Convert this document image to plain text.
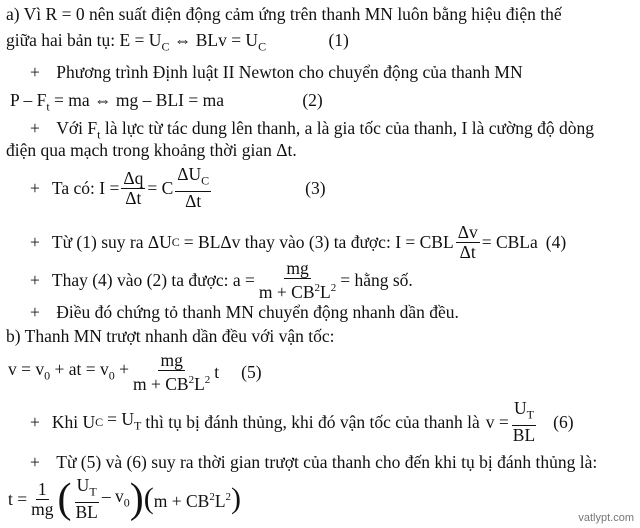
a) Vì R = 0 nên suất điện động cảm ứng trên thanh MN luôn bằng hiệu điện thế
giữa hai bản tụ: $E = U_C$ ⇔ BLv = $U_C$	(1)
+ Phương trình Định luật II Newton cho chuyển động của thanh MN
P – $F_t$ = ma ⇔ mg – BLI = ma	(2)
+ Với $F_t$ là lực từ tác dung lên thanh, a là gia tốc của thanh, I là cường độ dòng
điện qua mạch trong khoảng thời gian Δt.
+ Ta có: $I = \frac{\Delta q}{\Delta t} = C$
$\Delta U_C$
Δt
(3)
+ Từ (1) suy ra ΔU C = BLΔv thay vào (3) ta được: I = CBL $\frac{\Delta v}{\Delta t}$ = CBLa (4)
+ Thay (4) vào (2) ta được: $a = \frac{mg}{m + CB^2L^2}$ = hằng số.
+ Điều đó chứng tỏ thanh MN chuyển động nhanh dần đều.
b) Thanh MN trượt nhanh dần đều với vận tốc:
$v = v_0$ + at = $v_0 + \frac{mg}{m + CB^2L^2}$ t (5)
+ Khi U $C = U_T$ thì tụ bị đánh thủng, khi đó vận tốc của thanh là $v = \frac{U_T}{BL} (6)$
+ Từ (5) và (6) suy ra thời gian trượt của thanh cho đến khi tụ bị đánh thủng là:
$t = \frac{1}{mg}$ ( $U_T$
BL
– $v_0$ ) ( $m + CB^2L^2$ )
vatlypt.com
